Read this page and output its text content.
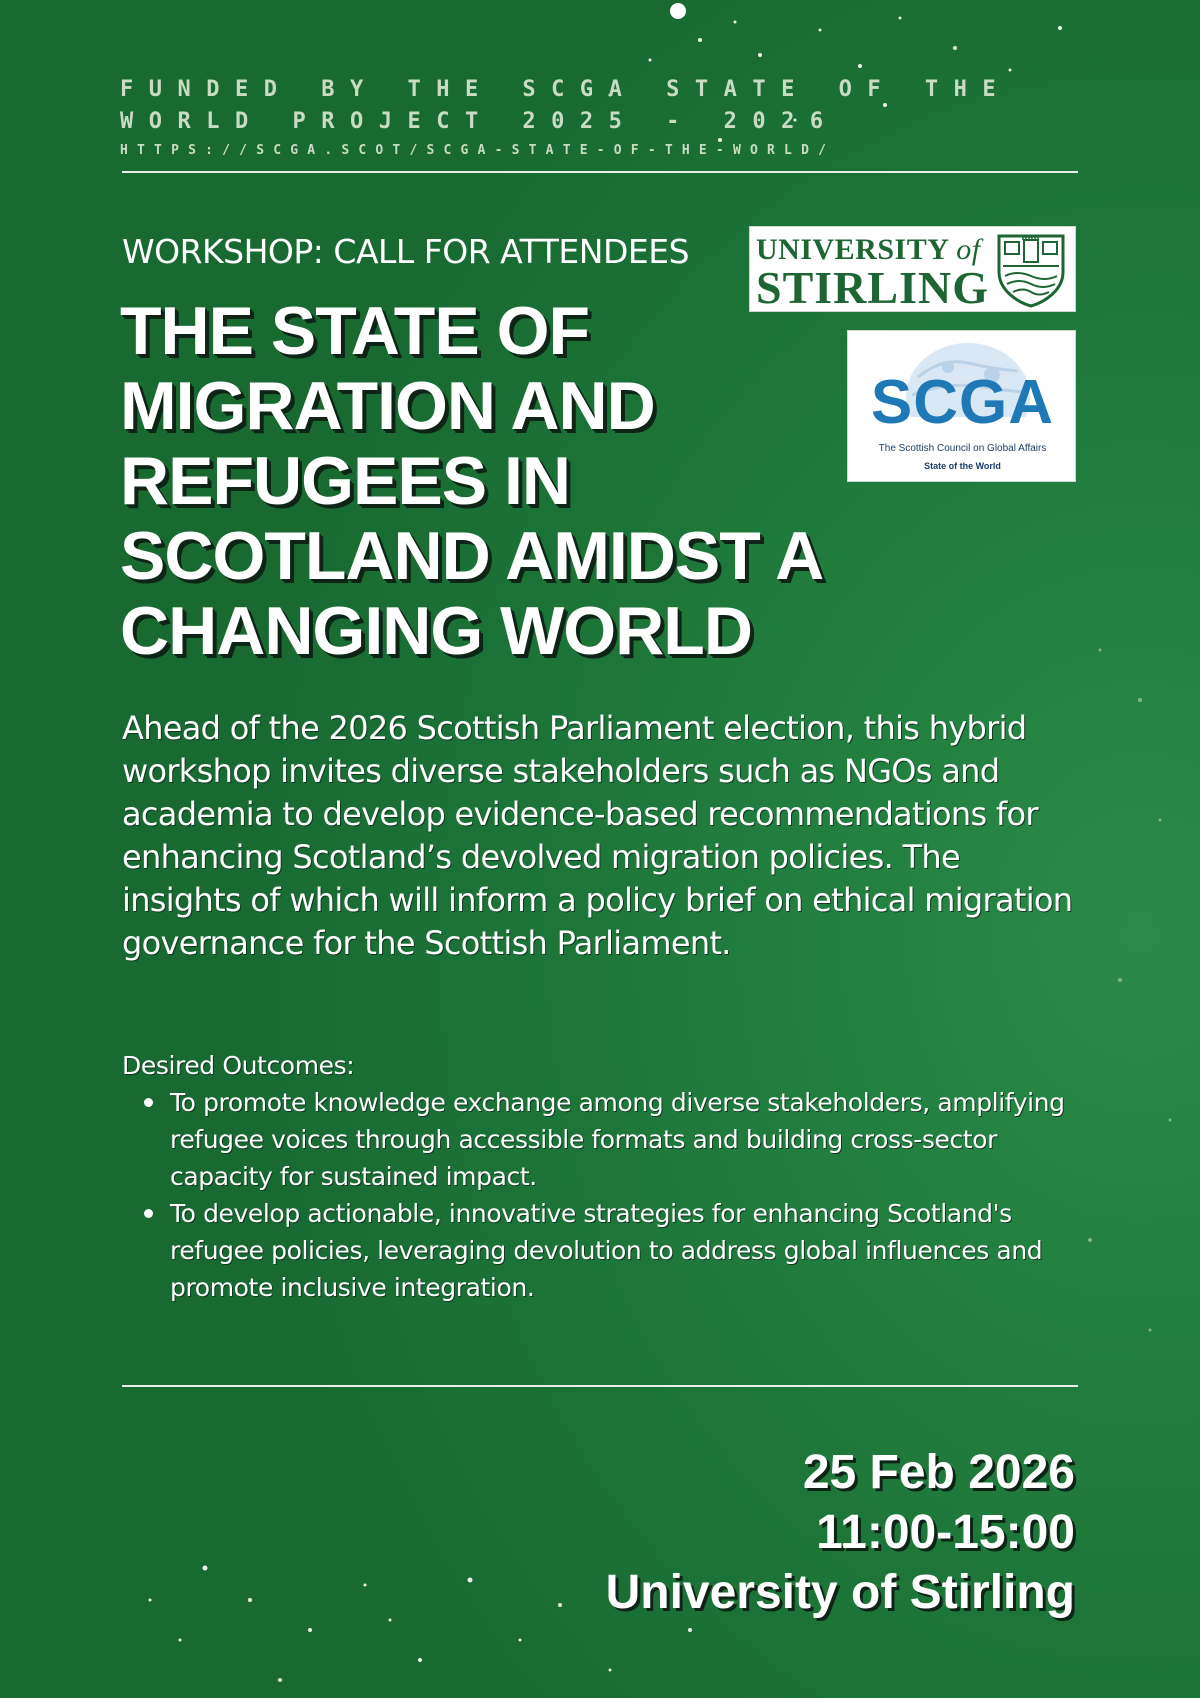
FUNDED BY THE SCGA STATE OF THE
WORLD PROJECT 2025 - 2026
HTTPS://SCGA.SCOT/SCGA-STATE-OF-THE-WORLD/
WORKSHOP: CALL FOR ATTENDEES
THE STATE OF
MIGRATION AND
REFUGEES IN
SCOTLAND AMIDST A
CHANGING WORLD
UNIVERSITY of
STIRLING
SCGA
The Scottish Council on Global Affairs
State of the World
Ahead of the 2026 Scottish Parliament election, this hybrid workshop invites diverse stakeholders such as NGOs and academia to develop evidence-based recommendations for enhancing Scotland’s devolved migration policies. The insights of which will inform a policy brief on ethical migration governance for the Scottish Parliament.
Desired Outcomes:
To promote knowledge exchange among diverse stakeholders, amplifying refugee voices through accessible formats and building cross-sector capacity for sustained impact.
To develop actionable, innovative strategies for enhancing Scotland's refugee policies, leveraging devolution to address global influences and promote inclusive integration.
25 Feb 2026
11:00-15:00
University of Stirling
